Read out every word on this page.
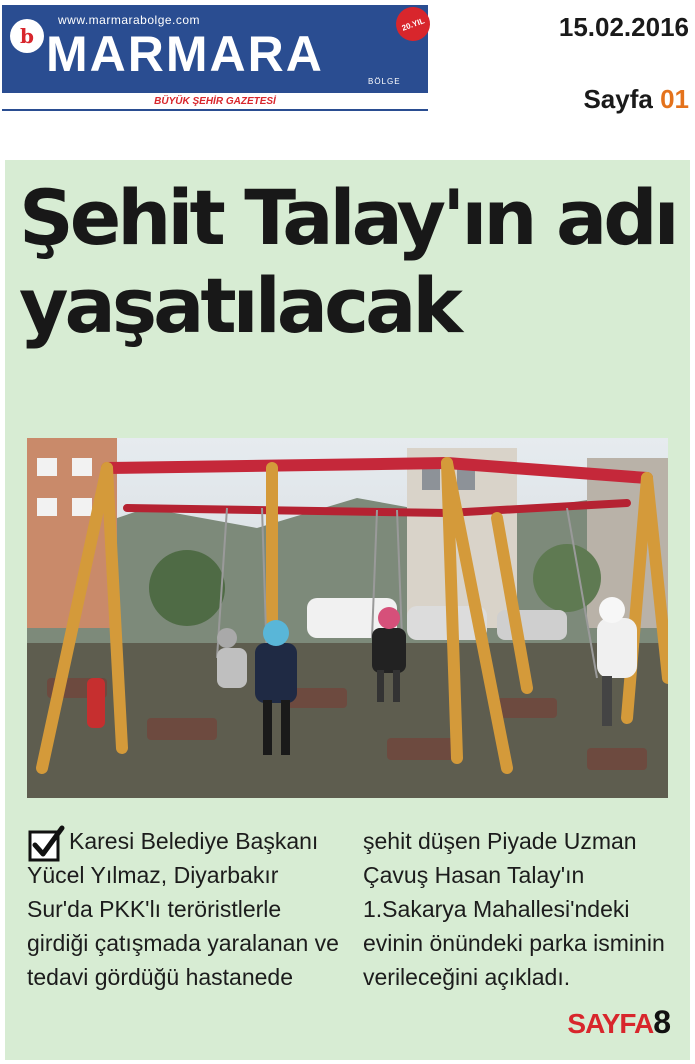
b
www.marmarabolge.com
MARMARA	BÖLGE
20.YIL
BÜYÜK ŞEHİR GAZETESİ
15.02.2016
Sayfa 01
Şehit Talay'ın adı yaşatılacak

Karesi Belediye Başkanı Yücel Yılmaz, Diyarbakır Sur'da PKK'lı teröristlerle girdiği çatışmada yaralanan ve tedavi gördüğü hastanede

şehit düşen Piyade Uzman Çavuş Hasan Talay'ın 1.Sakarya Mahallesi'ndeki evinin önündeki parka isminin verileceğini açıkladı.

SAYFA8
